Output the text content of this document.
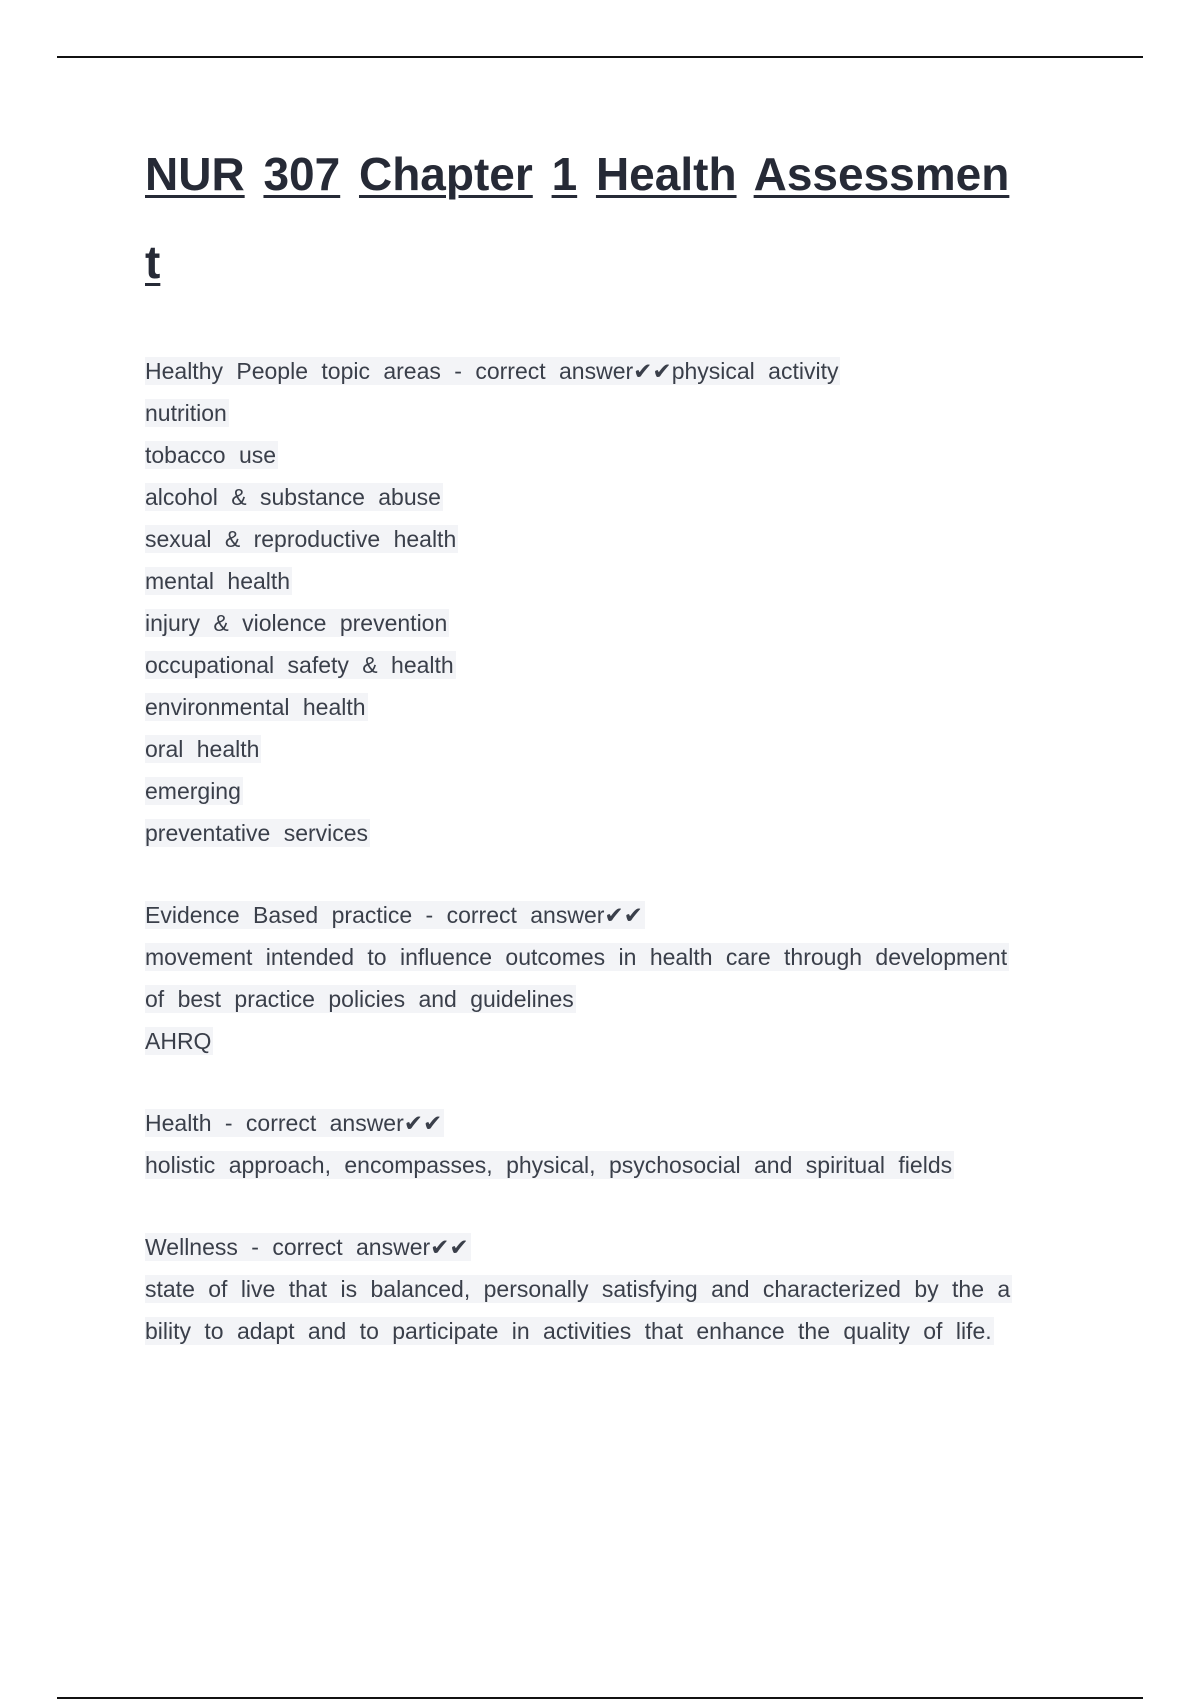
NUR 307 Chapter 1 Health Assessmen
t
Healthy People topic areas - correct answer✔✔physical activity
nutrition
tobacco use
alcohol & substance abuse
sexual & reproductive health
mental health
injury & violence prevention
occupational safety & health
environmental health
oral health
emerging
preventative services
Evidence Based practice - correct answer✔✔
movement intended to influence outcomes in health care through development
of best practice policies and guidelines
AHRQ
Health - correct answer✔✔
holistic approach, encompasses, physical, psychosocial and spiritual fields
Wellness - correct answer✔✔
state of live that is balanced, personally satisfying and characterized by the a
bility to adapt and to participate in activities that enhance the quality of life.
